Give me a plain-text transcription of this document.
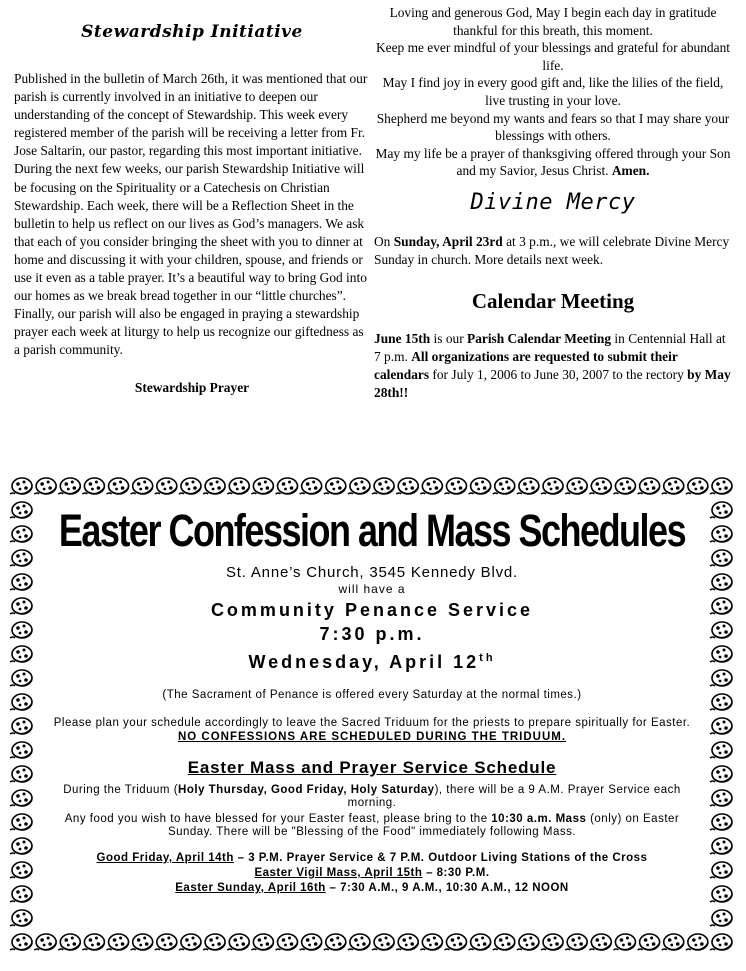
Stewardship Initiative

Published in the bulletin of March 26th, it was mentioned that our parish is currently involved in an initiative to deepen our understanding of the concept of Stewardship. This week every registered member of the parish will be receiving a letter from Fr. Jose Saltarin, our pastor, regarding this most important initiative.

During the next few weeks, our parish Stewardship Initiative will be focusing on the Spirituality or a Catechesis on Christian Stewardship. Each week, there will be a Reflection Sheet in the bulletin to help us reflect on our lives as God’s managers. We ask that each of you consider bringing the sheet with you to dinner at home and discussing it with your children, spouse, and friends or use it even as a table prayer. It’s a beautiful way to bring God into our homes as we break bread together in our “little churches”. Finally, our parish will also be engaged in praying a stewardship prayer each week at liturgy to help us recognize our giftedness as a parish community.

Stewardship Prayer

Loving and generous God, May I begin each day in gratitude thankful for this breath, this moment.

Keep me ever mindful of your blessings and grateful for abundant life.

May I find joy in every good gift and, like the lilies of the field, live trusting in your love.

Shepherd me beyond my wants and fears so that I may share your blessings with others.

May my life be a prayer of thanksgiving offered through your Son and my Savior, Jesus Christ. Amen.

Divine Mercy

On Sunday, April 23rd at 3 p.m., we will celebrate Divine Mercy Sunday in church. More details next week.

Calendar Meeting

June 15th is our Parish Calendar Meeting in Centennial Hall at 7 p.m. All organizations are requested to submit their calendars for July 1, 2006 to June 30, 2007 to the rectory by May 28th!!

Easter Confession and Mass Schedules

St. Anne’s Church, 3545 Kennedy Blvd.

will have a

Community Penance Service

7:30 p.m.

Wednesday, April 12th

(The Sacrament of Penance is offered every Saturday at the normal times.)

Please plan your schedule accordingly to leave the Sacred Triduum for the priests to prepare spiritually for Easter.

NO CONFESSIONS ARE SCHEDULED DURING THE TRIDUUM.

Easter Mass and Prayer Service Schedule

During the Triduum (Holy Thursday, Good Friday, Holy Saturday), there will be a 9 A.M. Prayer Service each morning.

Any food you wish to have blessed for your Easter feast, please bring to the 10:30 a.m. Mass (only) on Easter Sunday. There will be "Blessing of the Food" immediately following Mass.

Good Friday, April 14th – 3 P.M. Prayer Service & 7 P.M. Outdoor Living Stations of the Cross

Easter Vigil Mass, April 15th – 8:30 P.M.

Easter Sunday, April 16th – 7:30 A.M., 9 A.M., 10:30 A.M., 12 NOON
